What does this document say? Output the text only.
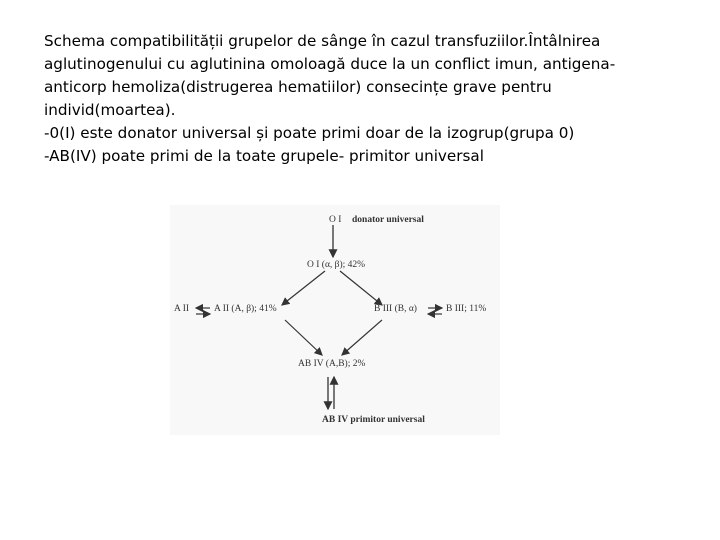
Schema compatibilității grupelor de sânge în cazul transfuziilor.Întâlnirea

aglutinogenului cu aglutinina omoloagă duce la un conflict imun, antigena-

anticorp hemoliza(distrugerea hematiilor) consecințe grave pentru

individ(moartea).

-0(I) este donator universal și poate primi doar de la izogrup(grupa 0)

-AB(IV) poate primi de la toate grupele- primitor universal

O I donator universal
O I (α, β); 42%
A II	A II (A, β); 41%	B III (B, α)	B III; 11%
AB IV (A,B); 2%
AB IV primitor universal
